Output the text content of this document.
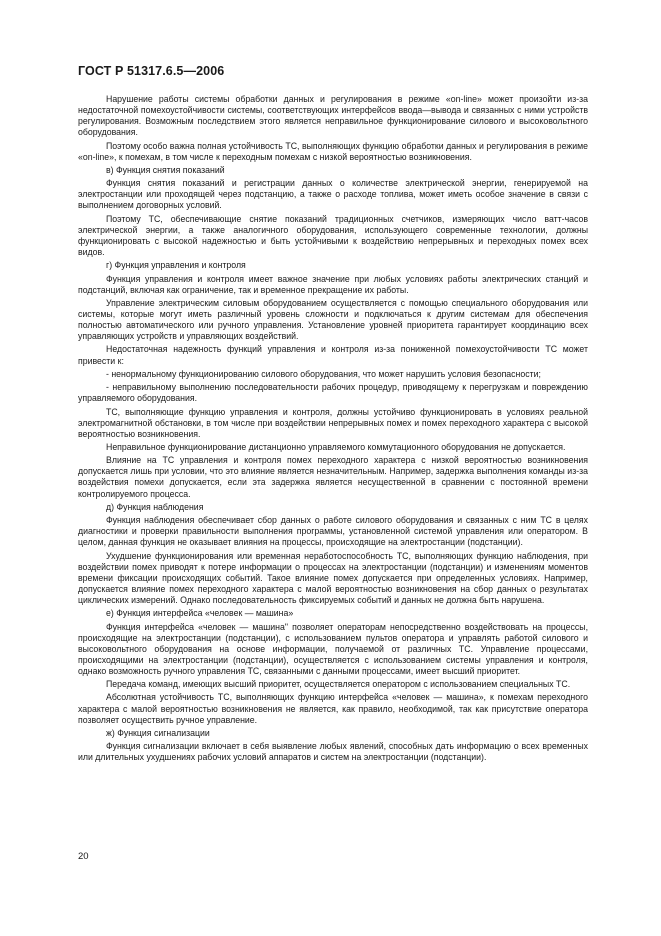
ГОСТ Р 51317.6.5—2006

Нарушение работы системы обработки данных и регулирования в режиме «on-line» может произойти из-за недостаточной помехоустойчивости системы, соответствующих интерфейсов ввода—вывода и связанных с ними устройств регулирования. Возможным последствием этого является неправильное функционирование силового и высоковольтного оборудования.

Поэтому особо важна полная устойчивость ТС, выполняющих функцию обработки данных и регулирования в режиме «on-line», к помехам, в том числе к переходным помехам с низкой вероятностью возникновения.

в) Функция снятия показаний

Функция снятия показаний и регистрации данных о количестве электрической энергии, генерируемой на электростанции или проходящей через подстанцию, а также о расходе топлива, может иметь особое значение в связи с выполнением договорных условий.

Поэтому ТС, обеспечивающие снятие показаний традиционных счетчиков, измеряющих число ватт-часов электрической энергии, а также аналогичного оборудования, использующего современные технологии, должны функционировать с высокой надежностью и быть устойчивыми к воздействию непрерывных и переходных помех всех видов.

г) Функция управления и контроля

Функция управления и контроля имеет важное значение при любых условиях работы электрических станций и подстанций, включая как ограничение, так и временное прекращение их работы.

Управление электрическим силовым оборудованием осуществляется с помощью специального оборудования или системы, которые могут иметь различный уровень сложности и подключаться к другим системам для обеспечения полностью автоматического или ручного управления. Установление уровней приоритета гарантирует координацию всех управляющих устройств и управляющих воздействий.

Недостаточная надежность функций управления и контроля из-за пониженной помехоустойчивости ТС может привести к:

- ненормальному функционированию силового оборудования, что может нарушить условия безопасности;

- неправильному выполнению последовательности рабочих процедур, приводящему к перегрузкам и повреждению управляемого оборудования.

ТС, выполняющие функцию управления и контроля, должны устойчиво функционировать в условиях реальной электромагнитной обстановки, в том числе при воздействии непрерывных помех и помех переходного характера с высокой вероятностью возникновения.

Неправильное функционирование дистанционно управляемого коммутационного оборудования не допускается.

Влияние на ТС управления и контроля помех переходного характера с низкой вероятностью возникновения допускается лишь при условии, что это влияние является незначительным. Например, задержка выполнения команды из-за воздействия помехи допускается, если эта задержка является несущественной в сравнении с постоянной времени контролируемого процесса.

д) Функция наблюдения

Функция наблюдения обеспечивает сбор данных о работе силового оборудования и связанных с ним ТС в целях диагностики и проверки правильности выполнения программы, установленной системой управления или оператором. В целом, данная функция не оказывает влияния на процессы, происходящие на электростанции (подстанции).

Ухудшение функционирования или временная неработоспособность ТС, выполняющих функцию наблюдения, при воздействии помех приводят к потере информации о процессах на электростанции (подстанции) и изменениям моментов времени фиксации происходящих событий. Такое влияние помех допускается при определенных условиях. Например, допускается влияние помех переходного характера с малой вероятностью возникновения на сбор данных о результатах циклических измерений. Однако последовательность фиксируемых событий и данных не должна быть нарушена.

е) Функция интерфейса «человек — машина»

Функция интерфейса «человек — машина" позволяет операторам непосредственно воздействовать на процессы, происходящие на электростанции (подстанции), с использованием пультов оператора и управлять работой силового и высоковольтного оборудования на основе информации, получаемой от различных ТС. Управление процессами, происходящими на электростанции (подстанции), осуществляется с использованием системы управления и контроля, однако возможность ручного управления ТС, связанными с данными процессами, имеет высший приоритет.

Передача команд, имеющих высший приоритет, осуществляется оператором с использованием специальных ТС.

Абсолютная устойчивость ТС, выполняющих функцию интерфейса «человек — машина», к помехам переходного характера с малой вероятностью возникновения не является, как правило, необходимой, так как присутствие оператора позволяет осуществить ручное управление.

ж) Функция сигнализации

Функция сигнализации включает в себя выявление любых явлений, способных дать информацию о всех временных или длительных ухудшениях рабочих условий аппаратов и систем на электростанции (подстанции).

20
